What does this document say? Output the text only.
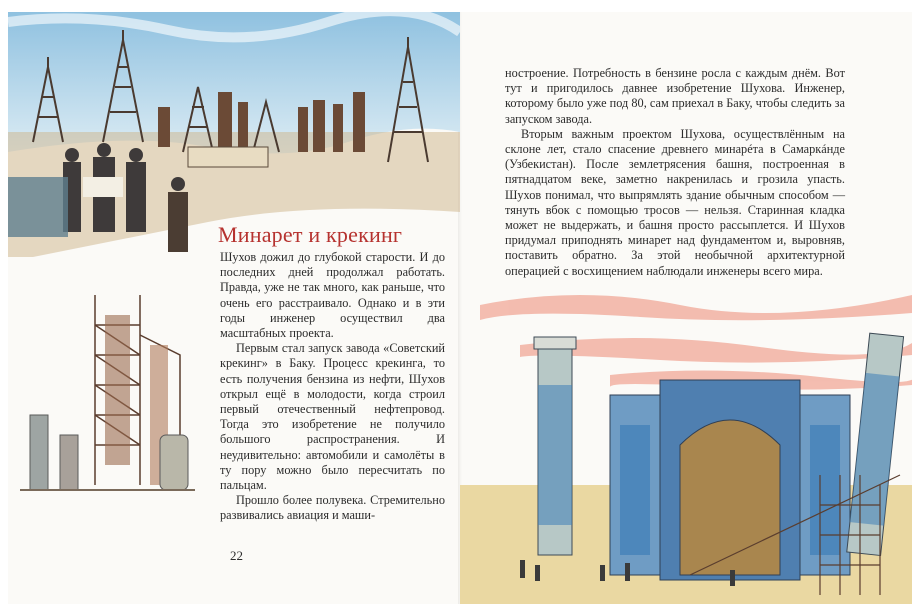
Минарет и крекинг

Шухов дожил до глубокой старости. И до последних дней продолжал работать. Правда, уже не так много, как раньше, что очень его расстраивало. Однако и в эти годы инженер осуществил два масштабных проекта.

Первым стал запуск завода «Советский крекинг» в Баку. Процесс крекинга, то есть получения бензина из нефти, Шухов открыл ещё в молодости, когда строил первый отечественный нефтепровод. Тогда это изобретение не получило большого распространения. И неудивительно: автомобили и самолёты в ту пору можно было пересчитать по пальцам.

Прошло более полувека. Стремительно развивались авиация и маши-

22

ностроение. Потребность в бензине росла с каждым днём. Вот тут и пригодилось давнее изобретение Шухова. Инженер, которому было уже под 80, сам приехал в Баку, чтобы следить за запуском завода.

Вторым важным проектом Шухова, осуществлённым на склоне лет, стало спасение древнего минарéта в Самаркáнде (Узбекистан). После землетрясения башня, построенная в пятнадцатом веке, заметно накренилась и грозила упасть. Шухов понимал, что выпрямлять здание обычным способом — тянуть вбок с помощью тросов — нельзя. Старинная кладка может не выдержать, и башня просто рассыплется. И Шухов придумал приподнять минарет над фундаментом и, выровняв, поставить обратно. За этой необычной архитектурной операцией с восхищением наблюдали инженеры всего мира.
